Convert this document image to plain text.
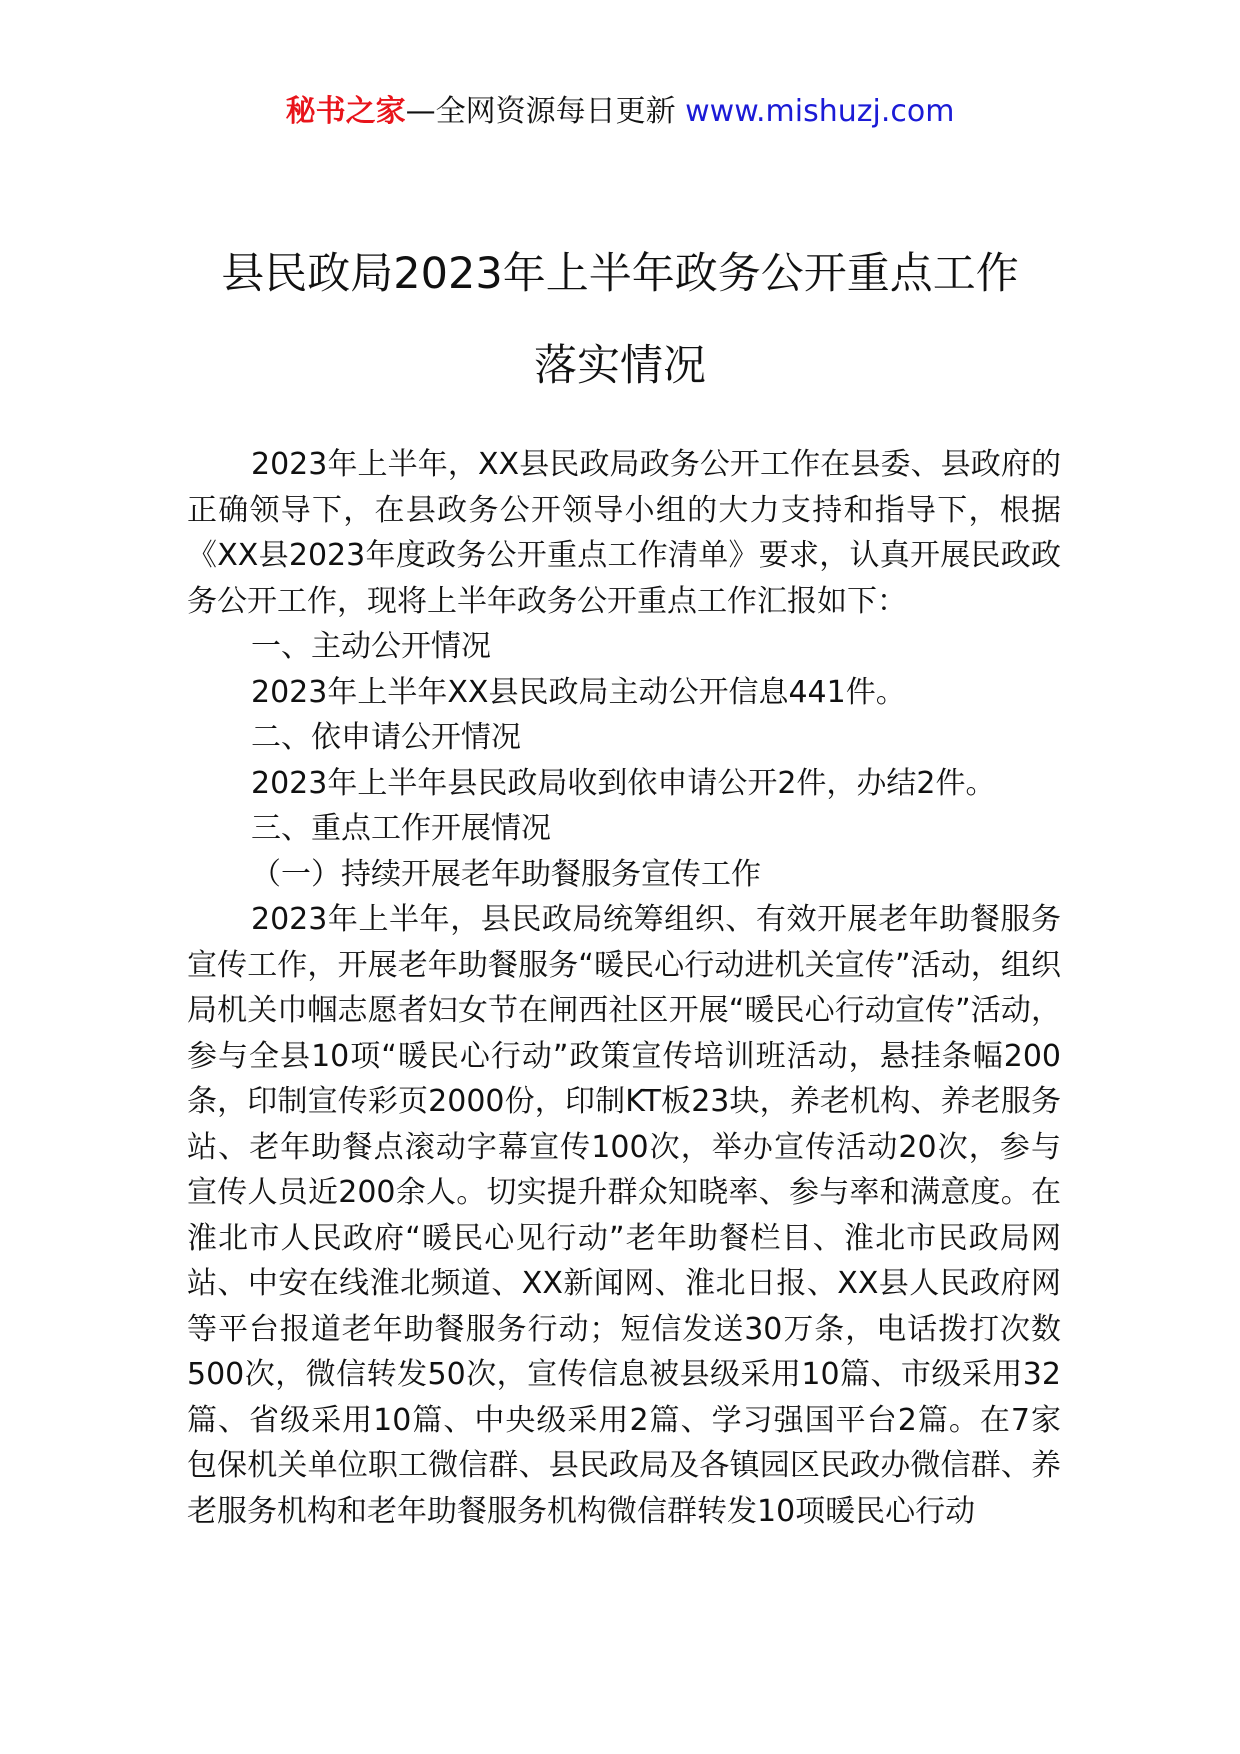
秘书之家—全网资源每日更新 www.mishuzj.com
县民政局2023年上半年政务公开重点工作
落实情况

2023年上半年，XX县民政局政务公开工作在县委、县政府的正确领导下，在县政务公开领导小组的大力支持和指导下，根据《XX县2023年度政务公开重点工作清单》要求，认真开展民政政务公开工作，现将上半年政务公开重点工作汇报如下：

一、主动公开情况

2023年上半年XX县民政局主动公开信息441件。

二、依申请公开情况

2023年上半年县民政局收到依申请公开2件，办结2件。

三、重点工作开展情况

（一）持续开展老年助餐服务宣传工作

2023年上半年，县民政局统筹组织、有效开展老年助餐服务宣传工作，开展老年助餐服务“暖民心行动进机关宣传”活动，组织局机关巾帼志愿者妇女节在闸西社区开展“暖民心行动宣传”活动，参与全县10项“暖民心行动”政策宣传培训班活动，悬挂条幅200条，印制宣传彩页2000份，印制KT板23块，养老机构、养老服务站、老年助餐点滚动字幕宣传100次，举办宣传活动20次，参与宣传人员近200余人。切实提升群众知晓率、参与率和满意度。在淮北市人民政府“暖民心见行动”老年助餐栏目、淮北市民政局网站、中安在线淮北频道、XX新闻网、淮北日报、XX县人民政府网等平台报道老年助餐服务行动；短信发送30万条，电话拨打次数500次，微信转发50次，宣传信息被县级采用10篇、市级采用32篇、省级采用10篇、中央级采用2篇、学习强国平台2篇。在7家包保机关单位职工微信群、县民政局及各镇园区民政办微信群、养老服务机构和老年助餐服务机构微信群转发10项暖民心行动
